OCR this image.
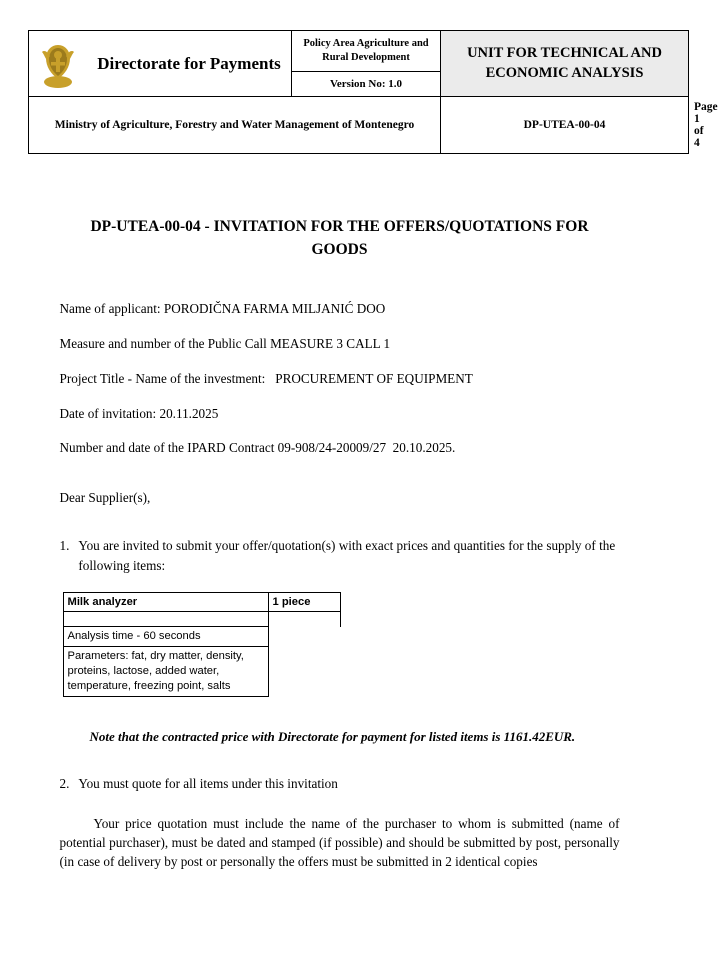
Directorate for Payments	Policy Area Agriculture and Rural Development	UNIT FOR TECHNICAL AND ECONOMIC ANALYSIS	
	Version No: 1.0		
Ministry of Agriculture, Forestry and Water Management of Montenegro		DP-UTEA-00-04	Page 1 of 4
DP-UTEA-00-04 - INVITATION FOR THE OFFERS/QUOTATIONS FOR GOODS
Name of applicant: PORODIČNA FARMA MILJANIĆ DOO
Measure and number of the Public Call MEASURE 3 CALL 1
Project Title - Name of the investment:   PROCUREMENT OF EQUIPMENT
Date of invitation: 20.11.2025
Number and date of the IPARD Contract 09-908/24-20009/27  20.10.2025.
Dear Supplier(s),
1. You are invited to submit your offer/quotation(s) with exact prices and quantities for the supply of the following items:
Milk analyzer	1 piece

Analysis time - 60 seconds	
Parameters: fat, dry matter, density, proteins, lactose, added water, temperature, freezing point, salts	
Note that the contracted price with Directorate for payment for listed items is 1161.42EUR.
2. You must quote for all items under this invitation
Your price quotation must include the name of the purchaser to whom is submitted (name of potential purchaser), must be dated and stamped (if possible) and should be submitted by post, personally (in case of delivery by post or personally the offers must be submitted in 2 identical copies
